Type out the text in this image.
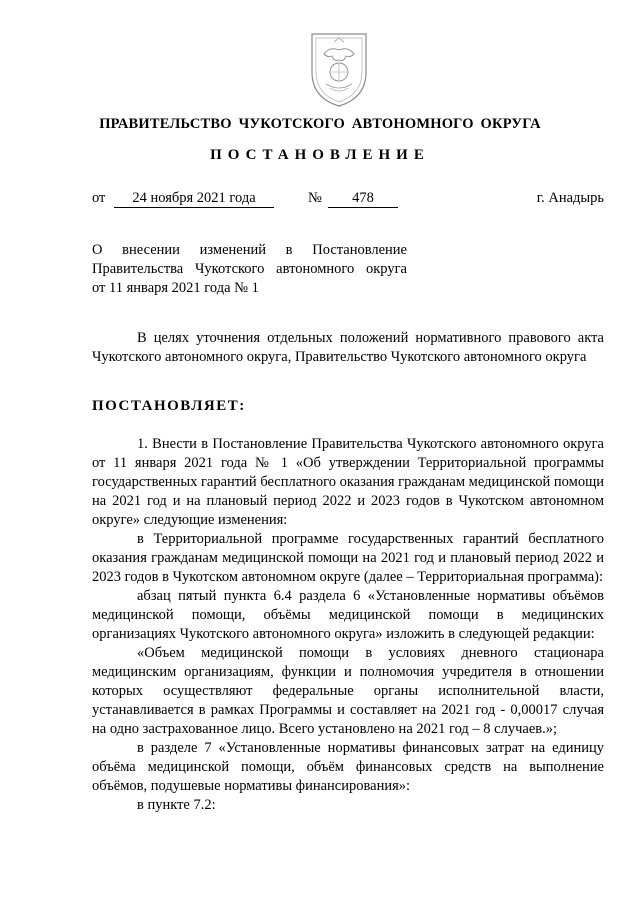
ПРАВИТЕЛЬСТВО ЧУКОТСКОГО АВТОНОМНОГО ОКРУГА
ПОСТАНОВЛЕНИЕ
от	24 ноября 2021 года	№	478	г. Анадырь
О внесении изменений в Постановление
Правительства Чукотского автономного округа
от 11 января 2021 года № 1

В целях уточнения отдельных положений нормативного правового акта Чукотского автономного округа, Правительство Чукотского автономного округа

ПОСТАНОВЛЯЕТ:

1. Внести в Постановление Правительства Чукотского автономного округа от 11 января 2021 года № 1 «Об утверждении Территориальной программы государственных гарантий бесплатного оказания гражданам медицинской помощи на 2021 год и на плановый период 2022 и 2023 годов в Чукотском автономном округе» следующие изменения:

в Территориальной программе государственных гарантий бесплатного оказания гражданам медицинской помощи на 2021 год и плановый период 2022 и 2023 годов в Чукотском автономном округе (далее – Территориальная программа):

абзац пятый пункта 6.4 раздела 6 «Установленные нормативы объёмов медицинской помощи, объёмы медицинской помощи в медицинских организациях Чукотского автономного округа» изложить в следующей редакции:

«Объем медицинской помощи в условиях дневного стационара медицинским организациям, функции и полномочия учредителя в отношении которых осуществляют федеральные органы исполнительной власти, устанавливается в рамках Программы и составляет на 2021 год - 0,00017 случая на одно застрахованное лицо. Всего установлено на 2021 год – 8 случаев.»;

в разделе 7 «Установленные нормативы финансовых затрат на единицу объёма медицинской помощи, объём финансовых средств на выполнение объёмов, подушевые нормативы финансирования»:

в пункте 7.2:
